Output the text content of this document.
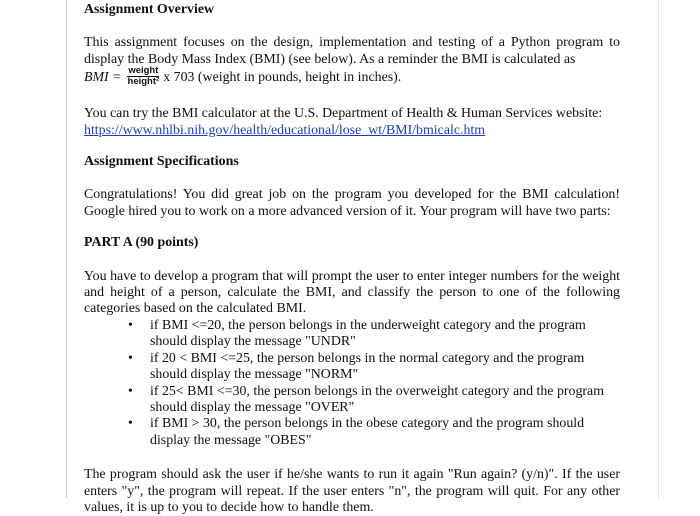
Assignment Overview

This assignment focuses on the design, implementation and testing of a Python program to display the Body Mass Index (BMI) (see below). As a reminder the BMI is calculated as

BMI = $\frac{\text{weight}}{\text{height²}}$ x 703 (weight in pounds, height in inches).

You can try the BMI calculator at the U.S. Department of Health & Human Services website:

https://www.nhlbi.nih.gov/health/educational/lose_wt/BMI/bmicalc.htm
Assignment Specifications

Congratulations! You did great job on the program you developed for the BMI calculation! Google hired you to work on a more advanced version of it. Your program will have two parts:

PART A (90 points)

You have to develop a program that will prompt the user to enter integer numbers for the weight and height of a person, calculate the BMI, and classify the person to one of the following categories based on the calculated BMI.

• if BMI <=20, the person belongs in the underweight category and the program should display the message "UNDR"
• if 20 < BMI <=25, the person belongs in the normal category and the program should display the message "NORM"
• if 25< BMI <=30, the person belongs in the overweight category and the program should display the message "OVER"
• if BMI > 30, the person belongs in the obese category and the program should display the message "OBES"

The program should ask the user if he/she wants to run it again "Run again? (y/n)". If the user enters "y", the program will repeat. If the user enters "n", the program will quit. For any other values, it is up to you to decide how to handle them.
